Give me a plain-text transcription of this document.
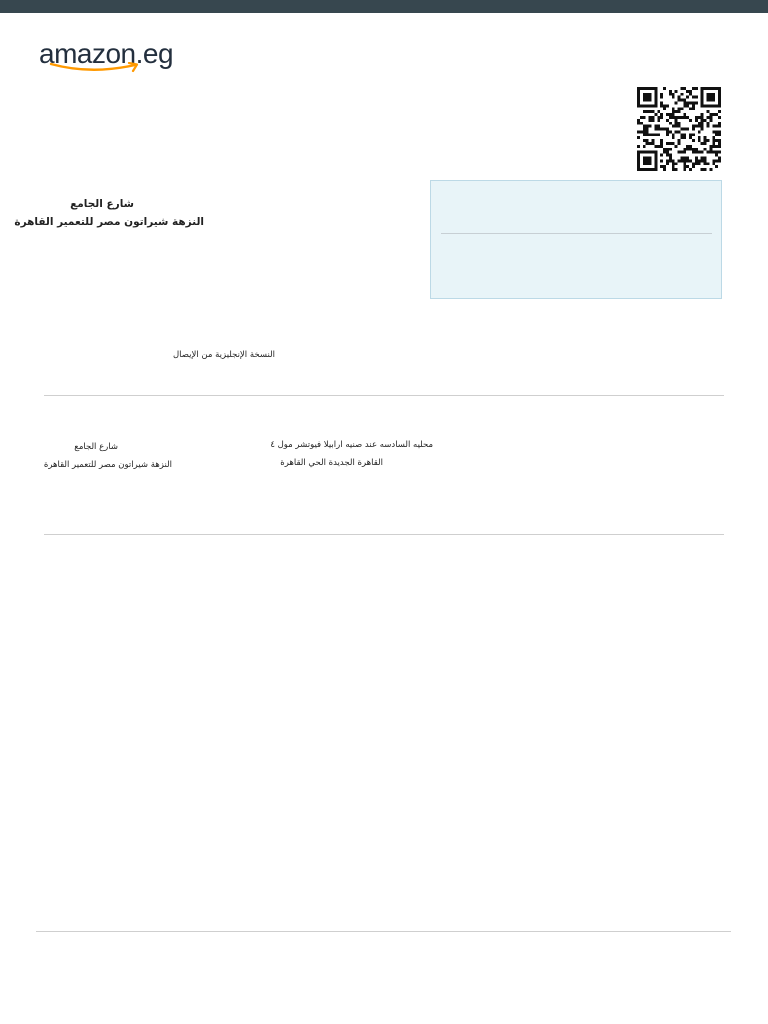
amazon.eg
شارع الجامع
النزهة شيراتون مصر للتعمير القاهرة
النسخة الإنجليزية من الإيصال
شارع الجامع
النزهة شيراتون مصر للتعمير القاهرة
محليه السادسه عند صنيه ارابيلا فيوتشر مول ٤
القاهرة الجديدة الحي القاهرة
